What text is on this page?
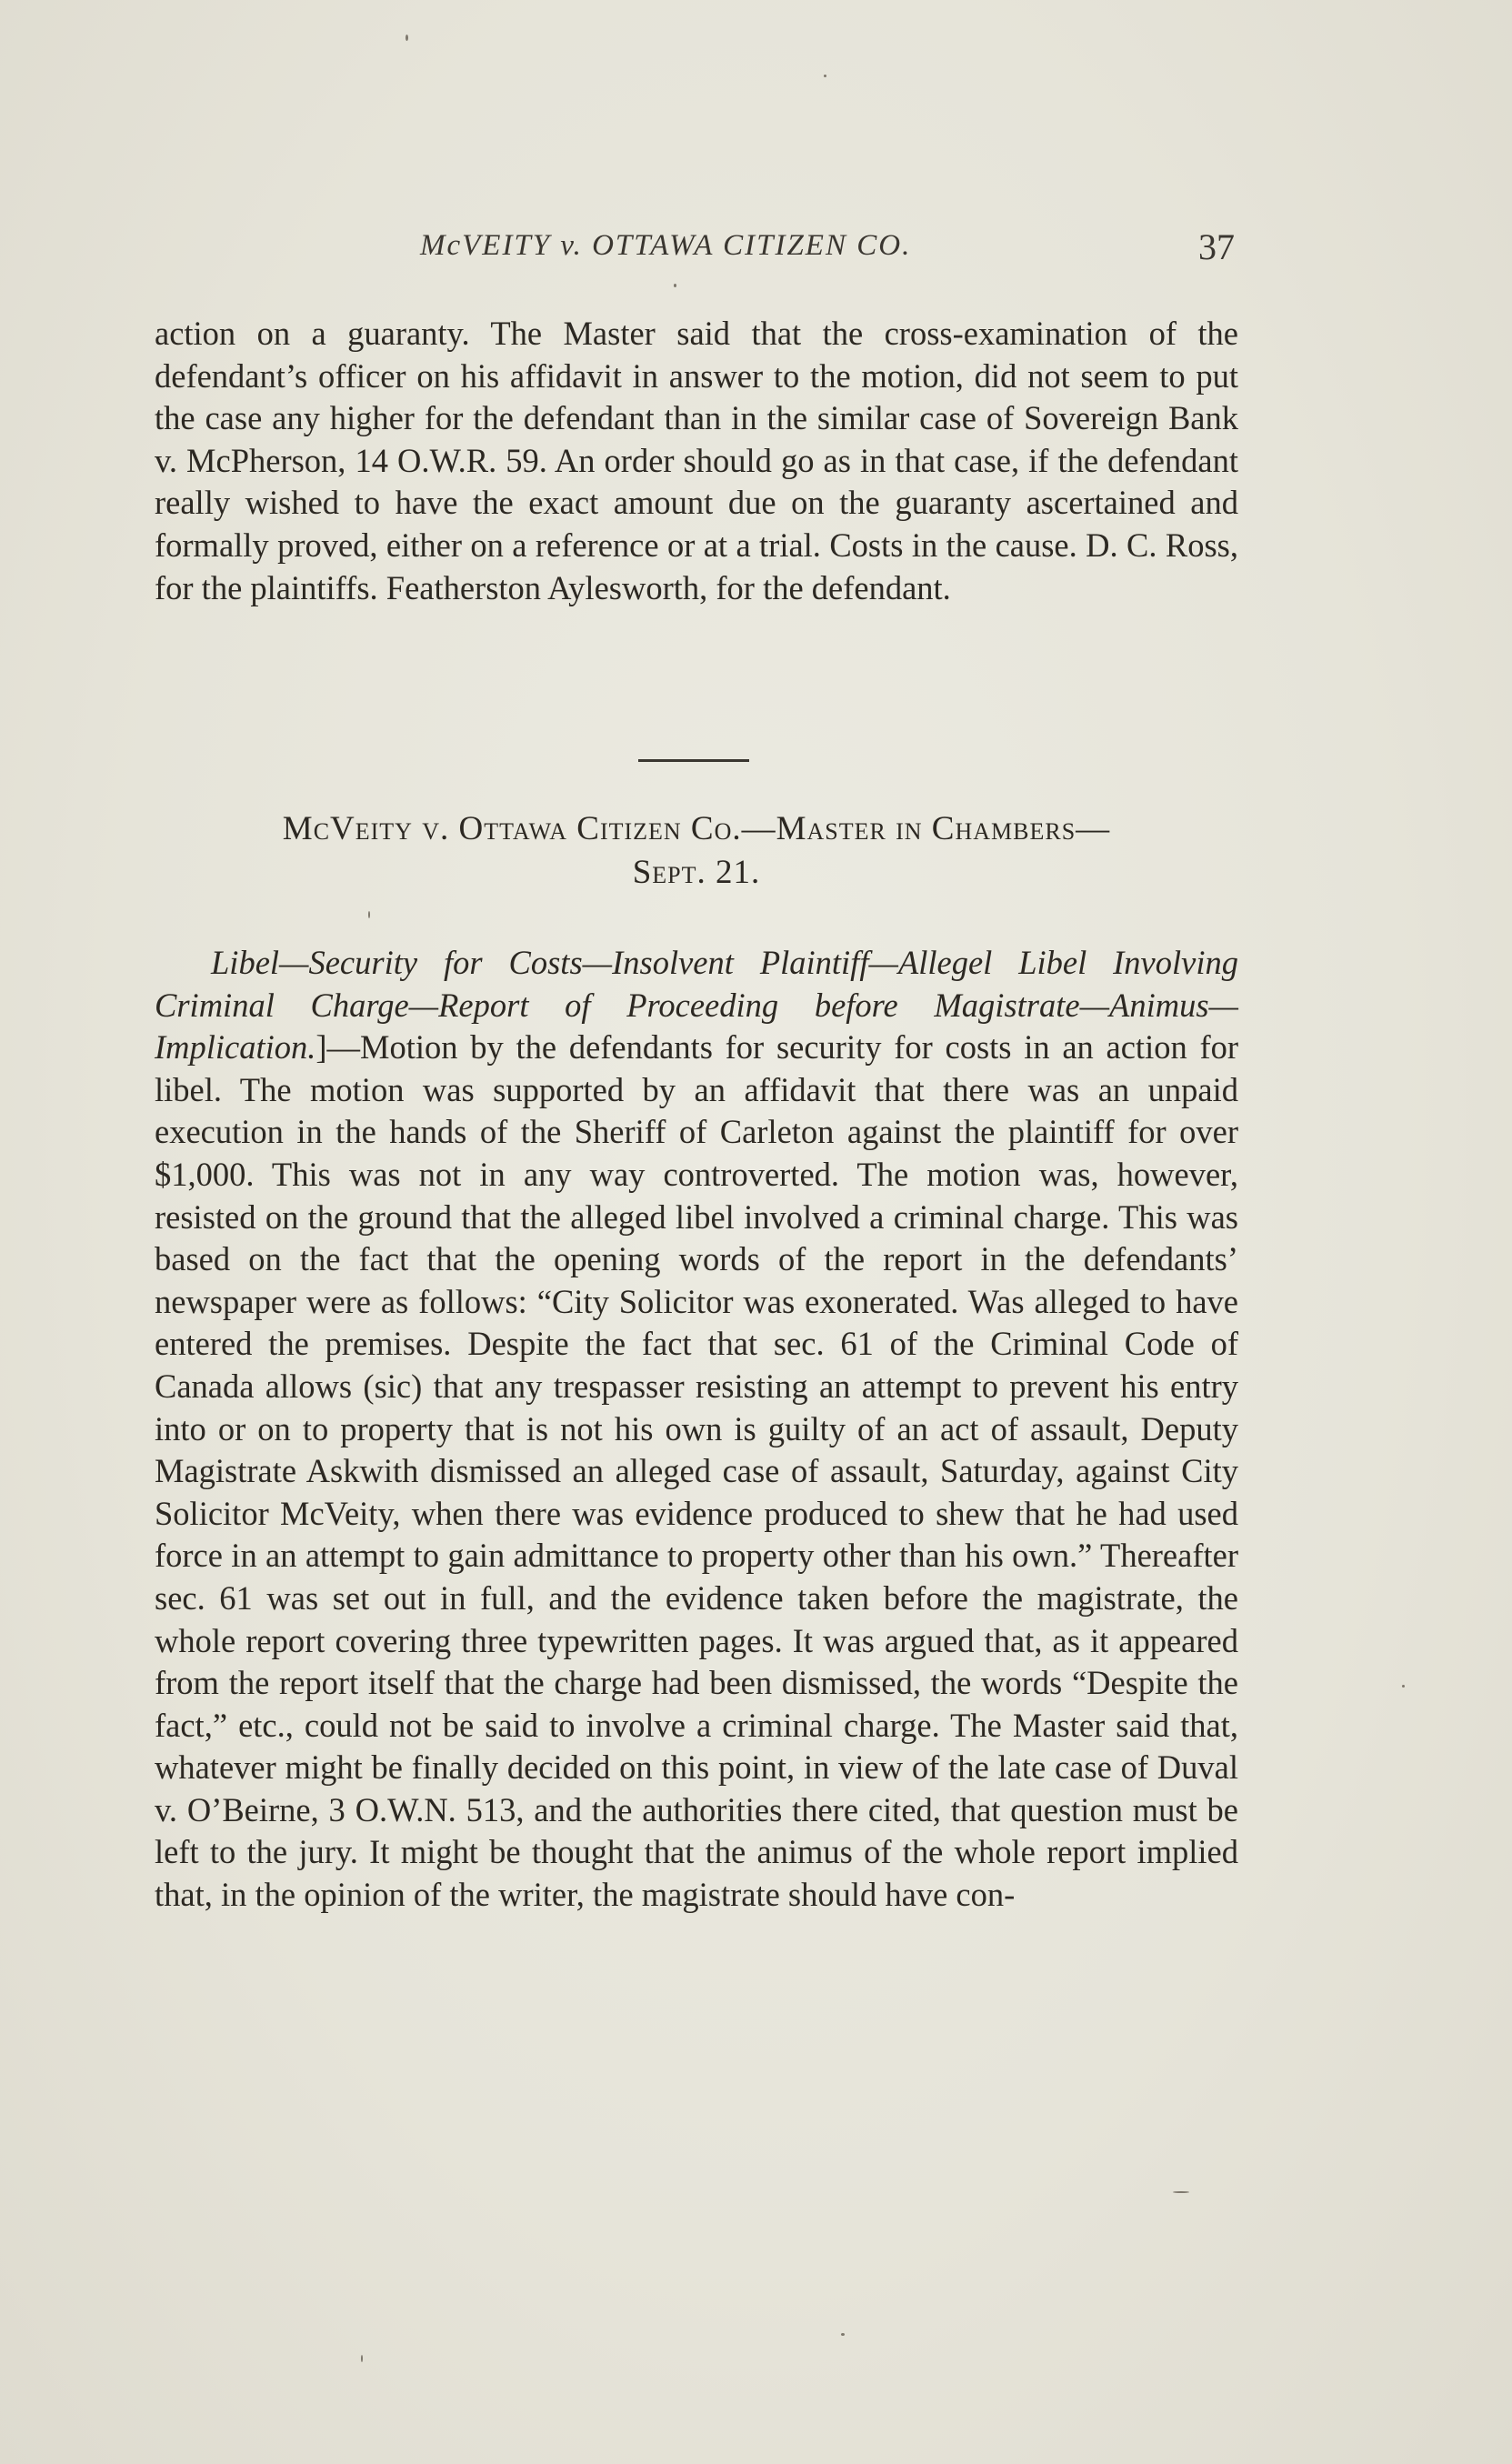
McVEITY v. OTTAWA CITIZEN CO.	37

action on a guaranty. The Master said that the cross-examination of the defendant’s officer on his affidavit in answer to the motion, did not seem to put the case any higher for the defendant than in the similar case of Sovereign Bank v. McPherson, 14 O.W.R. 59. An order should go as in that case, if the defendant really wished to have the exact amount due on the guaranty ascertained and formally proved, either on a reference or at a trial. Costs in the cause. D. C. Ross, for the plaintiffs. Featherston Aylesworth, for the defendant.

McVeity v. Ottawa Citizen Co.—Master in Chambers—
Sept. 21.

Libel—Security for Costs—Insolvent Plaintiff—Allegel Libel Involving Criminal Charge—Report of Proceeding before Magistrate—Animus—Implication.]—Motion by the defendants for security for costs in an action for libel. The motion was supported by an affidavit that there was an unpaid execution in the hands of the Sheriff of Carleton against the plaintiff for over $1,000. This was not in any way controverted. The motion was, however, resisted on the ground that the alleged libel involved a criminal charge. This was based on the fact that the opening words of the report in the defendants’ newspaper were as follows: “City Solicitor was exonerated. Was alleged to have entered the premises. Despite the fact that sec. 61 of the Criminal Code of Canada allows (sic) that any trespasser resisting an attempt to prevent his entry into or on to property that is not his own is guilty of an act of assault, Deputy Magistrate Askwith dismissed an alleged case of assault, Saturday, against City Solicitor McVeity, when there was evidence produced to shew that he had used force in an attempt to gain admittance to property other than his own.” Thereafter sec. 61 was set out in full, and the evidence taken before the magistrate, the whole report covering three typewritten pages. It was argued that, as it appeared from the report itself that the charge had been dismissed, the words “Despite the fact,” etc., could not be said to involve a criminal charge. The Master said that, whatever might be finally decided on this point, in view of the late case of Duval v. O’Beirne, 3 O.W.N. 513, and the authorities there cited, that question must be left to the jury. It might be thought that the animus of the whole report implied that, in the opinion of the writer, the magistrate should have con-
